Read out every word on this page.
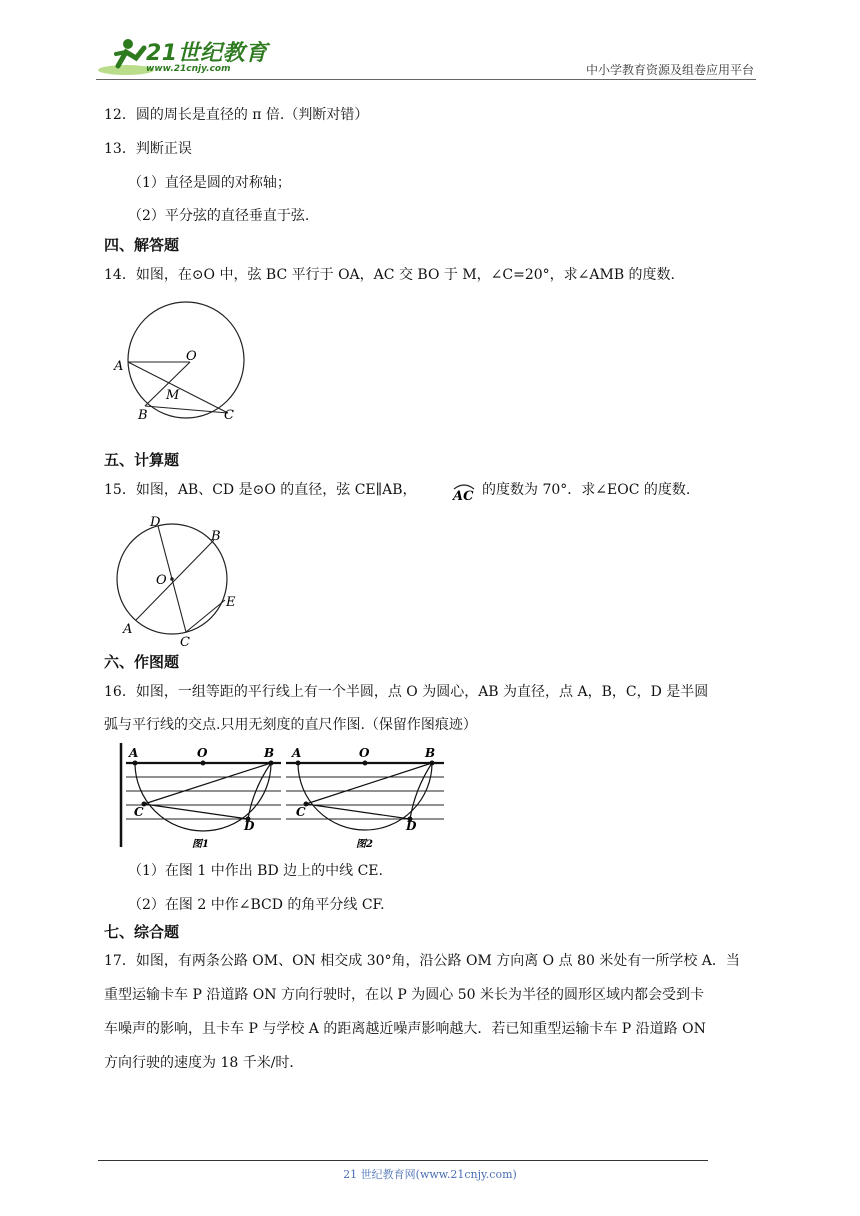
21世纪教育
www.21cnjy.com	中小学教育资源及组卷应用平台
12．圆的周长是直径的 π 倍.（判断对错）
13．判断正误
（1）直径是圆的对称轴；
（2）平分弦的直径垂直于弦.
四、解答题
14．如图，在⊙O 中，弦 BC 平行于 OA，AC 交 BO 于 M，∠C=20°，求∠AMB 的度数.
A
O
M
B	C
五、计算题
15．如图，AB、CD 是⊙O 的直径，弦 CE∥AB，	AC 的度数为 70°．求∠EOC 的度数.
D
B
O
E
A
C
六、作图题
16．如图，一组等距的平行线上有一个半圆，点 O 为圆心，AB 为直径，点 A，B，C，D 是半圆
弧与平行线的交点.只用无刻度的直尺作图.（保留作图痕迹）
A	O	B
C
D
图1
A	O	B
C
D
图2
（1）在图 1 中作出 BD 边上的中线 CE.
（2）在图 2 中作∠BCD 的角平分线 CF.
七、综合题
17．如图，有两条公路 OM、ON 相交成 30°角，沿公路 OM 方向离 O 点 80 米处有一所学校 A．当
重型运输卡车 P 沿道路 ON 方向行驶时，在以 P 为圆心 50 米长为半径的圆形区域内都会受到卡
车噪声的影响，且卡车 P 与学校 A 的距离越近噪声影响越大．若已知重型运输卡车 P 沿道路 ON
方向行驶的速度为 18 千米/时．
21 世纪教育网(www.21cnjy.com)
